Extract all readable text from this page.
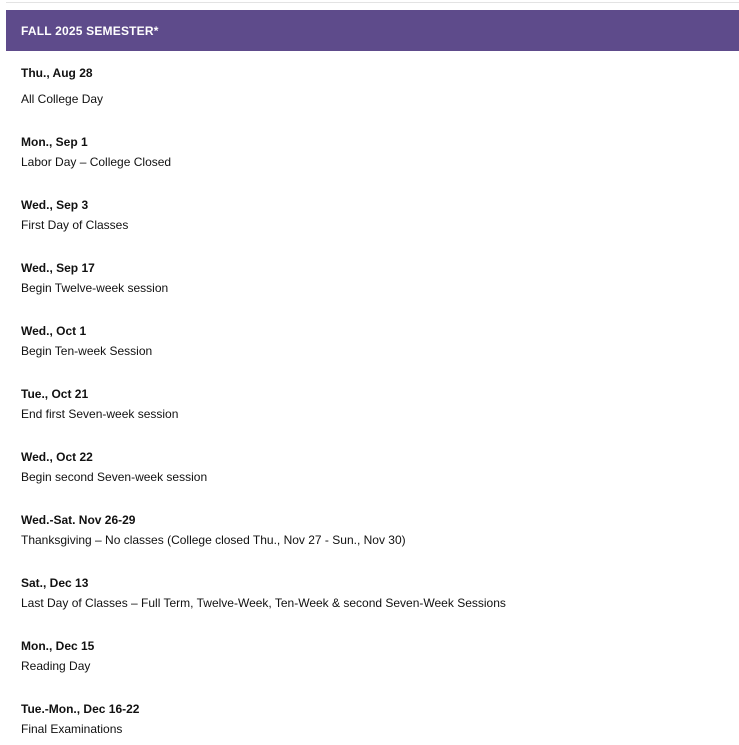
FALL 2025 SEMESTER*
Thu., Aug 28
All College Day
Mon., Sep 1
Labor Day – College Closed
Wed., Sep 3
First Day of Classes
Wed., Sep 17
Begin Twelve-week session
Wed., Oct 1
Begin Ten-week Session
Tue., Oct 21
End first Seven-week session
Wed., Oct 22
Begin second Seven-week session
Wed.-Sat. Nov 26-29
Thanksgiving – No classes (College closed Thu., Nov 27 - Sun., Nov 30)
Sat., Dec 13
Last Day of Classes – Full Term, Twelve-Week, Ten-Week & second Seven-Week Sessions
Mon., Dec 15
Reading Day
Tue.-Mon., Dec 16-22
Final Examinations
